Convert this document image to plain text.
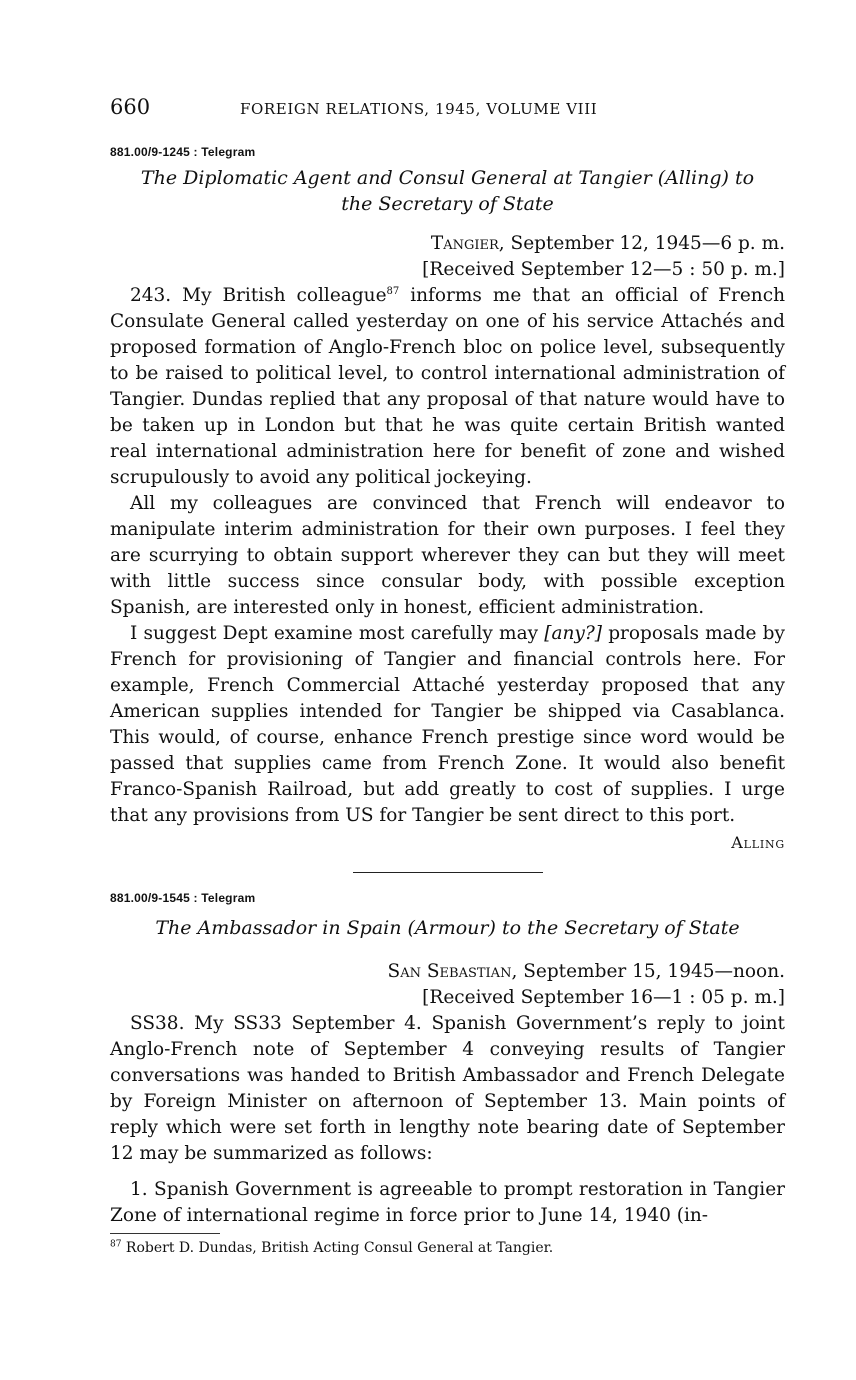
660	FOREIGN RELATIONS, 1945, VOLUME VIII
881.00/9-1245 : Telegram
The Diplomatic Agent and Consul General at Tangier (Alling) to the Secretary of State
Tangier, September 12, 1945—6 p. m.
[Received September 12—5 : 50 p. m.]

243. My British colleague$^{87}$ informs me that an official of French Consulate General called yesterday on one of his service Attachés and proposed formation of Anglo-French bloc on police level, subsequently to be raised to political level, to control international administration of Tangier. Dundas replied that any proposal of that nature would have to be taken up in London but that he was quite certain British wanted real international administration here for benefit of zone and wished scrupulously to avoid any political jockeying.

All my colleagues are convinced that French will endeavor to manipulate interim administration for their own purposes. I feel they are scurrying to obtain support wherever they can but they will meet with little success since consular body, with possible exception Spanish, are interested only in honest, efficient administration.

I suggest Dept examine most carefully may [any?] proposals made by French for provisioning of Tangier and financial controls here. For example, French Commercial Attaché yesterday proposed that any American supplies intended for Tangier be shipped via Casablanca. This would, of course, enhance French prestige since word would be passed that supplies came from French Zone. It would also benefit Franco-Spanish Railroad, but add greatly to cost of supplies. I urge that any provisions from US for Tangier be sent direct to this port.

Alling
881.00/9-1545 : Telegram
The Ambassador in Spain (Armour) to the Secretary of State
San Sebastian, September 15, 1945—noon.
[Received September 16—1 : 05 p. m.]

SS38. My SS33 September 4. Spanish Government’s reply to joint Anglo-French note of September 4 conveying results of Tangier conversations was handed to British Ambassador and French Delegate by Foreign Minister on afternoon of September 13. Main points of reply which were set forth in lengthy note bearing date of September 12 may be summarized as follows:

1. Spanish Government is agreeable to prompt restoration in Tangier Zone of international regime in force prior to June 14, 1940 (in-
$^{87}$ Robert D. Dundas, British Acting Consul General at Tangier.
